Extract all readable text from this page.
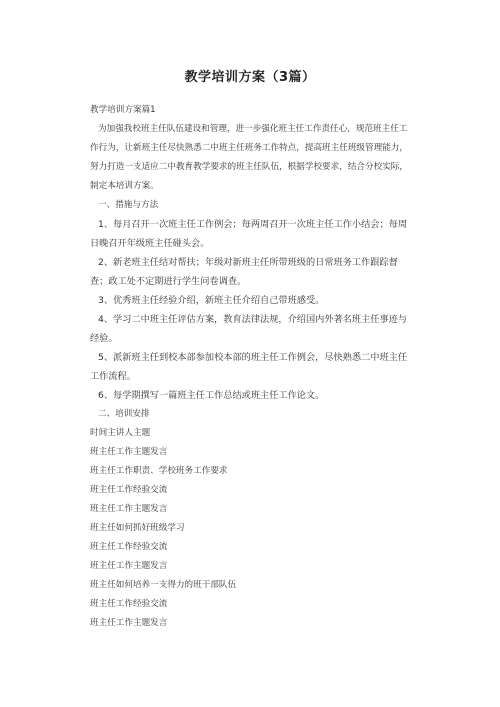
教学培训方案（3篇）

教学培训方案篇1

为加强我校班主任队伍建设和管理，进一步强化班主任工作责任心，规范班主任工作行为，让新班主任尽快熟悉二中班主任班务工作特点，提高班主任班级管理能力，努力打造一支适应二中教育教学要求的班主任队伍，根据学校要求，结合分校实际，制定本培训方案。

一、措施与方法

1、每月召开一次班主任工作例会；每两周召开一次班主任工作小结会；每周日晚召开年级班主任碰头会。

2、新老班主任结对帮扶；年级对新班主任所带班级的日常班务工作跟踪督查；政工处不定期进行学生问卷调查。

3、优秀班主任经验介绍，新班主任介绍自己带班感受。

4、学习二中班主任评估方案，教育法律法规，介绍国内外著名班主任事迹与经验。

5、派新班主任到校本部参加校本部的班主任工作例会，尽快熟悉二中班主任工作流程。

6、每学期撰写一篇班主任工作总结或班主任工作论文。

二、培训安排

时间主讲人主题

班主任工作主题发言

班主任工作职责、学校班务工作要求

班主任工作经验交流

班主任工作主题发言

班主任如何抓好班级学习

班主任工作经验交流

班主任工作主题发言

班主任如何培养一支得力的班干部队伍

班主任工作经验交流

班主任工作主题发言
